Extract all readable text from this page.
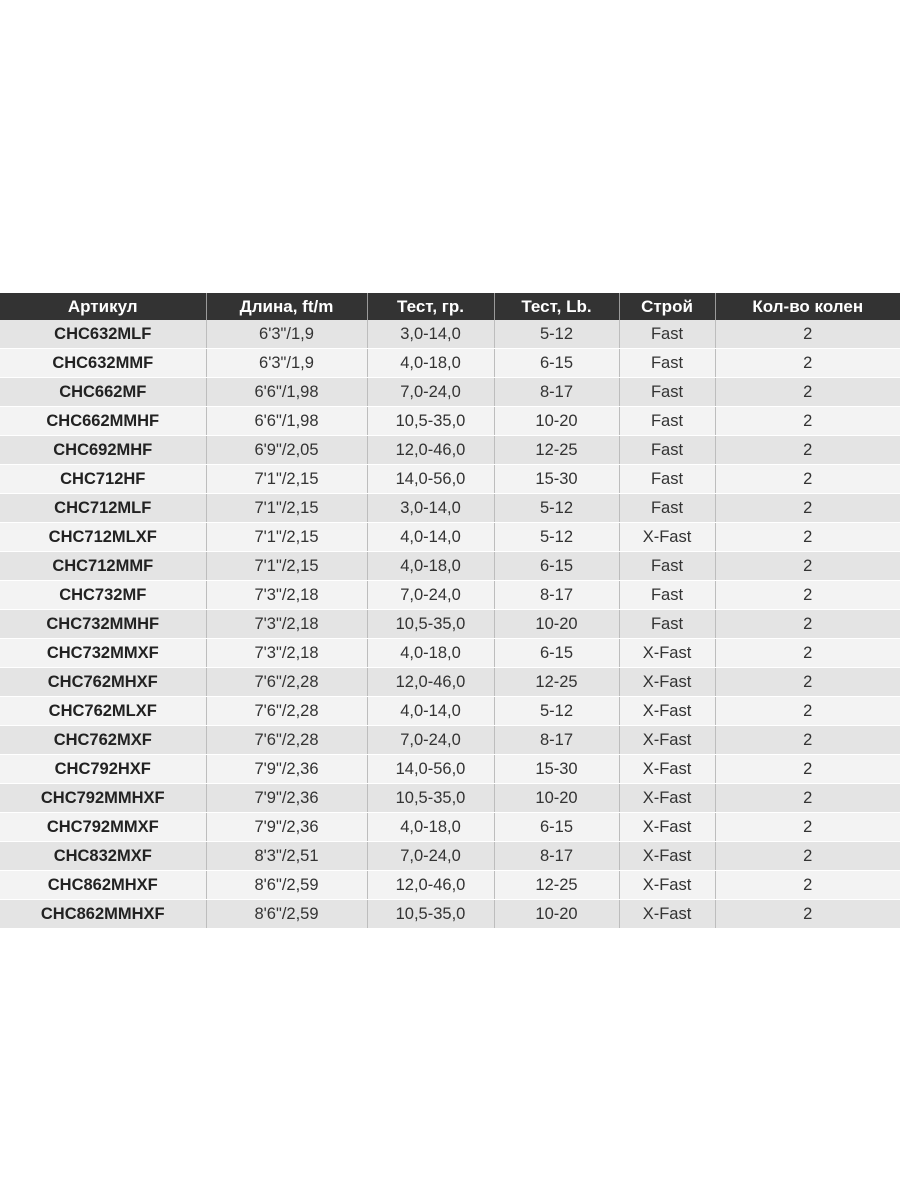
Артикул	Длина, ft/m	Тест, гр.	Тест, Lb.	Строй	Кол-во колен
CHC632MLF	6'3"/1,9	3,0-14,0	5-12	Fast	2
CHC632MMF	6'3"/1,9	4,0-18,0	6-15	Fast	2
CHC662MF	6'6"/1,98	7,0-24,0	8-17	Fast	2
CHC662MMHF	6'6"/1,98	10,5-35,0	10-20	Fast	2
CHC692MHF	6'9"/2,05	12,0-46,0	12-25	Fast	2
CHC712HF	7'1"/2,15	14,0-56,0	15-30	Fast	2
CHC712MLF	7'1"/2,15	3,0-14,0	5-12	Fast	2
CHC712MLXF	7'1"/2,15	4,0-14,0	5-12	X-Fast	2
CHC712MMF	7'1"/2,15	4,0-18,0	6-15	Fast	2
CHC732MF	7'3"/2,18	7,0-24,0	8-17	Fast	2
CHC732MMHF	7'3"/2,18	10,5-35,0	10-20	Fast	2
CHC732MMXF	7'3"/2,18	4,0-18,0	6-15	X-Fast	2
CHC762MHXF	7'6"/2,28	12,0-46,0	12-25	X-Fast	2
CHC762MLXF	7'6"/2,28	4,0-14,0	5-12	X-Fast	2
CHC762MXF	7'6"/2,28	7,0-24,0	8-17	X-Fast	2
CHC792HXF	7'9"/2,36	14,0-56,0	15-30	X-Fast	2
CHC792MMHXF	7'9"/2,36	10,5-35,0	10-20	X-Fast	2
CHC792MMXF	7'9"/2,36	4,0-18,0	6-15	X-Fast	2
CHC832MXF	8'3"/2,51	7,0-24,0	8-17	X-Fast	2
CHC862MHXF	8'6"/2,59	12,0-46,0	12-25	X-Fast	2
CHC862MMHXF	8'6"/2,59	10,5-35,0	10-20	X-Fast	2
